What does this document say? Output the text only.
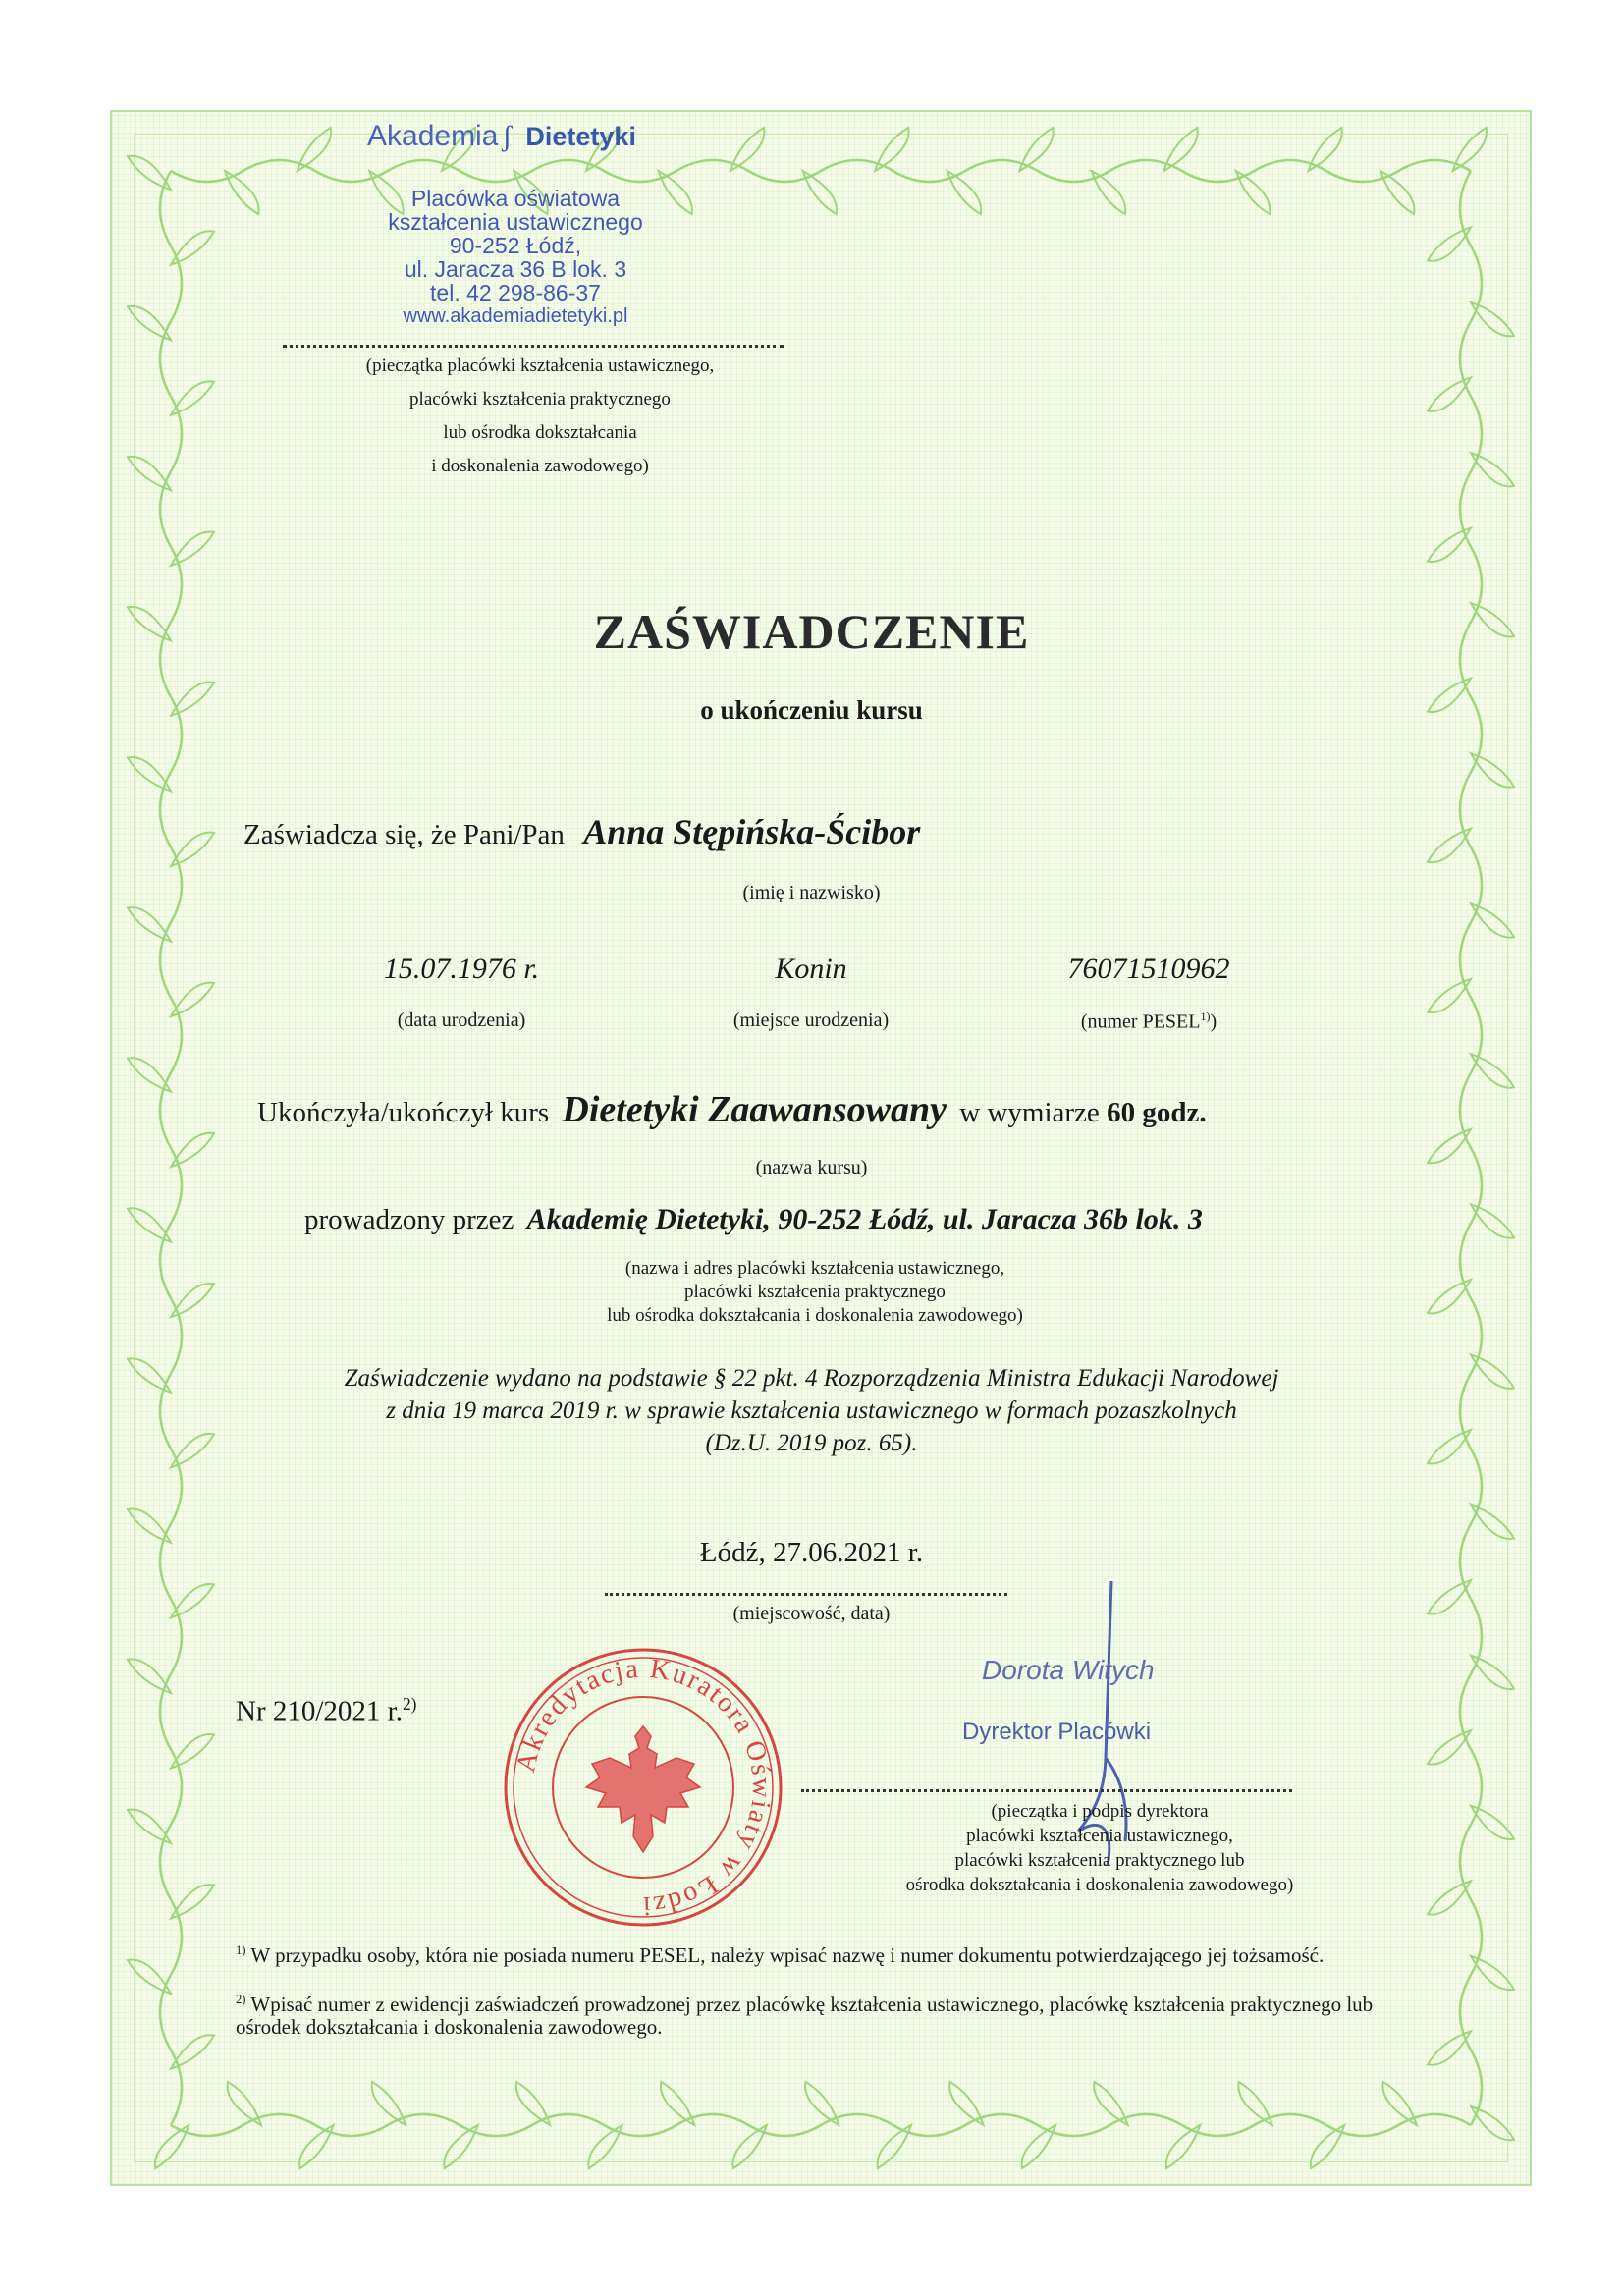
Akademia ʃ Dietetyki
Placówka oświatowa
kształcenia ustawicznego
90-252 Łódź,
ul. Jaracza 36 B lok. 3
tel. 42 298-86-37
www.akademiadietetyki.pl
(pieczątka placówki kształcenia ustawicznego,
placówki kształcenia praktycznego
lub ośrodka dokształcania
i doskonalenia zawodowego)
ZAŚWIADCZENIE
o ukończeniu kursu
Zaświadcza się, że Pani/Pan Anna Stępińska-Ścibor
(imię i nazwisko)
15.07.1976 r.
(data urodzenia)
Konin
(miejsce urodzenia)
76071510962
(numer PESEL$^{1)}$)
Ukończyła/ukończył kurs Dietetyki Zaawansowany w wymiarze 60 godz.
(nazwa kursu)
prowadzony przez Akademię Dietetyki, 90-252 Łódź, ul. Jaracza 36b lok. 3
(nazwa i adres placówki kształcenia ustawicznego,
placówki kształcenia praktycznego
lub ośrodka dokształcania i doskonalenia zawodowego)
Zaświadczenie wydano na podstawie § 22 pkt. 4 Rozporządzenia Ministra Edukacji Narodowej
z dnia 19 marca 2019 r. w sprawie kształcenia ustawicznego w formach pozaszkolnych
(Dz.U. 2019 poz. 65).
Łódź, 27.06.2021 r.
(miejscowość, data)
Nr 210/2021 r.$^{2)}$
Akredytacja Kuratora Oświaty w Łodzi
Dorota Witych
Dyrektor Placówki
(pieczątka i podpis dyrektora
placówki kształcenia ustawicznego,
placówki kształcenia praktycznego lub
ośrodka dokształcania i doskonalenia zawodowego)
$^{1)}$ W przypadku osoby, która nie posiada numeru PESEL, należy wpisać nazwę i numer dokumentu potwierdzającego jej tożsamość.
$^{2)}$ Wpisać numer z ewidencji zaświadczeń prowadzonej przez placówkę kształcenia ustawicznego, placówkę kształcenia praktycznego lub ośrodek dokształcania i doskonalenia zawodowego.
